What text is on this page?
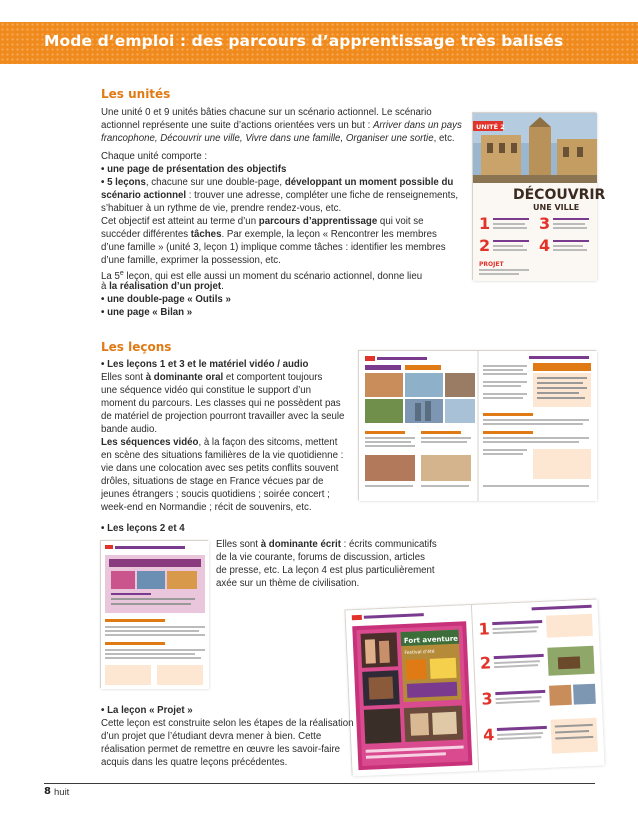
Mode d’emploi : des parcours d’apprentissage très balisés
Les unités
Une unité 0 et 9 unités bâties chacune sur un scénario actionnel. Le scénario
actionnel représente une suite d’actions orientées vers un but : Arriver dans un pays
francophone, Découvrir une ville, Vivre dans une famille, Organiser une sortie, etc.
Chaque unité comporte :
• une page de présentation des objectifs
• 5 leçons, chacune sur une double-page, développant un moment possible du
scénario actionnel : trouver une adresse, compléter une fiche de renseignements,
s’habituer à un rythme de vie, prendre rendez-vous, etc.
Cet objectif est atteint au terme d’un parcours d’apprentissage qui voit se
succéder différentes tâches. Par exemple, la leçon « Rencontrer les membres
d’une famille » (unité 3, leçon 1) implique comme tâches : identifier les membres
d’une famille, exprimer la possession, etc.
La 5e leçon, qui est elle aussi un moment du scénario actionnel, donne lieu
à la réalisation d’un projet.
• une double-page « Outils »
• une page « Bilan »
UNITÉ 2
DÉCOUVRIR
UNE VILLE
1	3
2	4
PROJET
Les leçons
• Les leçons 1 et 3 et le matériel vidéo / audio
Elles sont à dominante oral et comportent toujours
une séquence vidéo qui constitue le support d’un
moment du parcours. Les classes qui ne possèdent pas
de matériel de projection pourront travailler avec la seule
bande audio.
Les séquences vidéo, à la façon des sitcoms, mettent
en scène des situations familières de la vie quotidienne :
vie dans une colocation avec ses petits conflits souvent
drôles, situations de stage en France vécues par de
jeunes étrangers ; soucis quotidiens ; soirée concert ;
week-end en Normandie ; récit de souvenirs, etc.
• Les leçons 2 et 4
Elles sont à dominante écrit : écrits communicatifs
de la vie courante, forums de discussion, articles
de presse, etc. La leçon 4 est plus particulièrement
axée sur un thème de civilisation.
Fort aventure
Festival d’été
1
2
3
4
• La leçon « Projet »
Cette leçon est construite selon les étapes de la réalisation
d’un projet que l’étudiant devra mener à bien. Cette
réalisation permet de remettre en œuvre les savoir-faire
acquis dans les quatre leçons précédentes.
8 huit
